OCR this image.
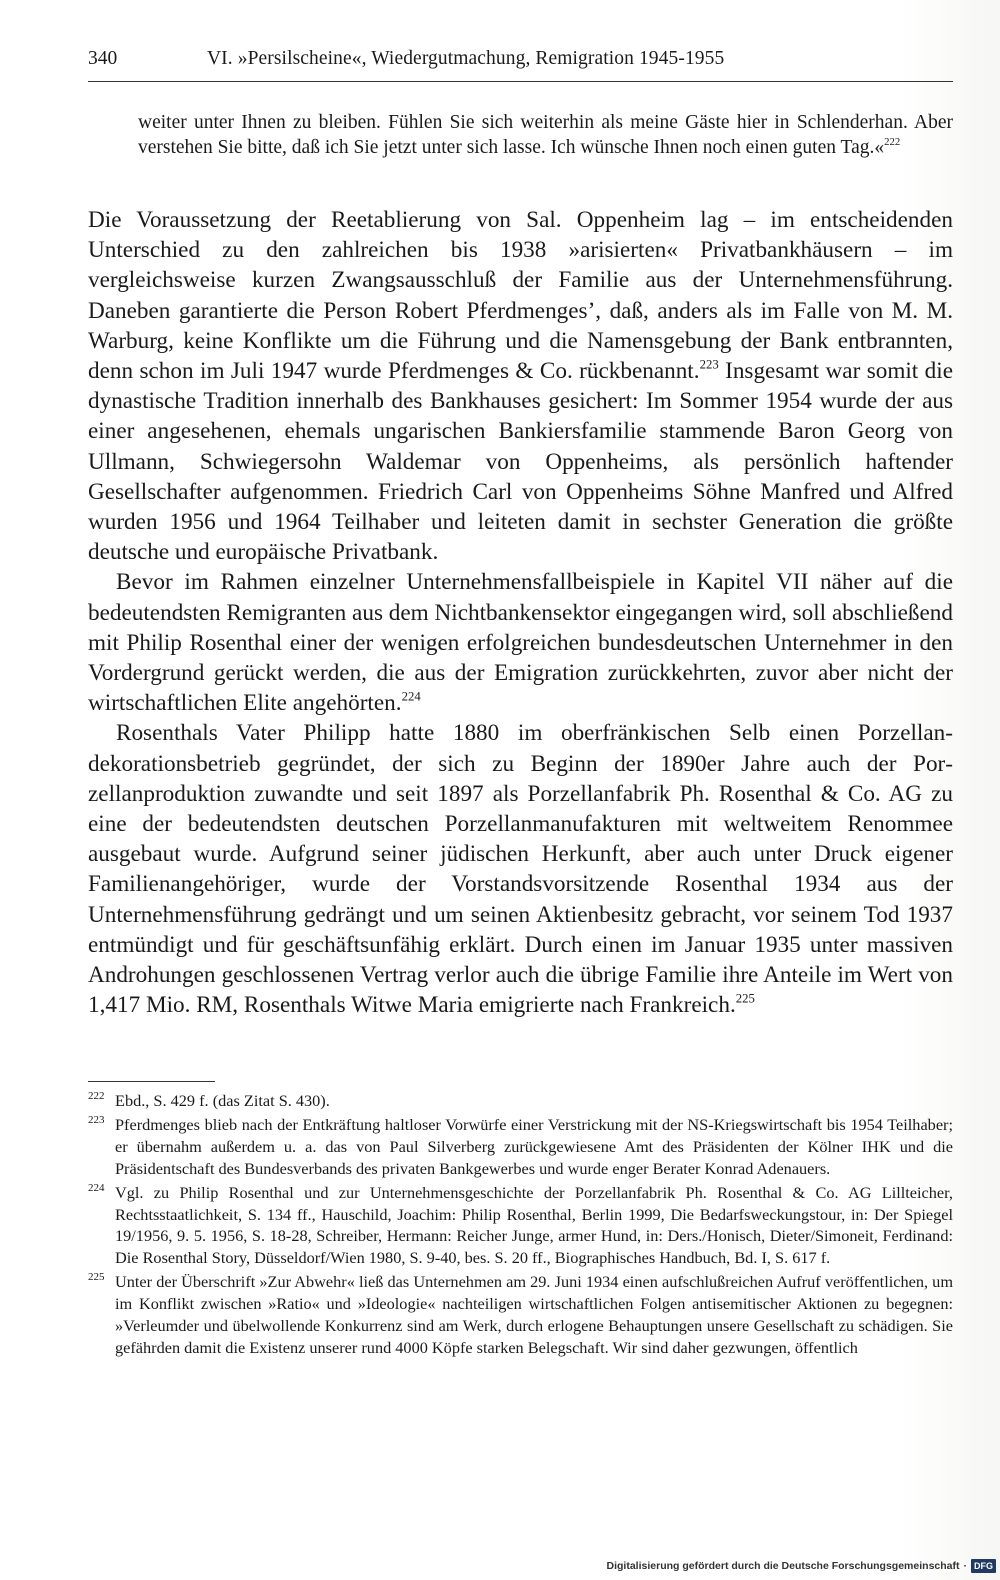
340	VI. »Persilscheine«, Wiedergutmachung, Remigration 1945-1955
weiter unter Ihnen zu bleiben. Fühlen Sie sich weiterhin als meine Gäste hier in Schlenderhan. Aber verstehen Sie bitte, daß ich Sie jetzt unter sich lasse. Ich wünsche Ihnen noch einen guten Tag.«$^{222}$

Die Voraussetzung der Reetablierung von Sal. Oppenheim lag – im entscheidenden Unterschied zu den zahlreichen bis 1938 »arisierten« Privatbankhäusern – im vergleichsweise kurzen Zwangsausschluß der Familie aus der Unternehmensführung. Daneben garantierte die Person Robert Pferdmenges’, daß, anders als im Falle von M. M. Warburg, keine Konflikte um die Führung und die Namensgebung der Bank entbrannten, denn schon im Juli 1947 wurde Pferdmenges & Co. rückbenannt.$^{223}$ Insgesamt war somit die dynastische Tradition innerhalb des Bankhauses gesichert: Im Sommer 1954 wurde der aus einer angesehenen, ehemals ungarischen Bankiersfamilie stammende Baron Georg von Ullmann, Schwiegersohn Waldemar von Oppenheims, als persönlich haftender Gesellschafter aufgenommen. Friedrich Carl von Oppenheims Söhne Manfred und Alfred wurden 1956 und 1964 Teilhaber und leiteten damit in sechster Generation die größte deutsche und europäische Privatbank.

Bevor im Rahmen einzelner Unternehmensfallbeispiele in Kapitel VII näher auf die bedeutendsten Remigranten aus dem Nichtbankensektor eingegangen wird, soll abschließend mit Philip Rosenthal einer der wenigen erfolgreichen bundesdeutschen Unternehmer in den Vordergrund gerückt werden, die aus der Emigration zurückkehrten, zuvor aber nicht der wirtschaftlichen Elite angehörten.$^{224}$

Rosenthals Vater Philipp hatte 1880 im oberfränkischen Selb einen Porzellandekorationsbetrieb gegründet, der sich zu Beginn der 1890er Jahre auch der Porzellanproduktion zuwandte und seit 1897 als Porzellanfabrik Ph. Rosenthal & Co. AG zu eine der bedeutendsten deutschen Porzellanmanufakturen mit weltweitem Renommee ausgebaut wurde. Aufgrund seiner jüdischen Herkunft, aber auch unter Druck eigener Familienangehöriger, wurde der Vorstandsvorsitzende Rosenthal 1934 aus der Unternehmensführung gedrängt und um seinen Aktienbesitz gebracht, vor seinem Tod 1937 entmündigt und für geschäftsunfähig erklärt. Durch einen im Januar 1935 unter massiven Androhungen geschlossenen Vertrag verlor auch die übrige Familie ihre Anteile im Wert von 1,417 Mio. RM, Rosenthals Witwe Maria emigrierte nach Frankreich.$^{225}$

222 Ebd., S. 429 f. (das Zitat S. 430).
223 Pferdmenges blieb nach der Entkräftung haltloser Vorwürfe einer Verstrickung mit der NS-Kriegswirtschaft bis 1954 Teilhaber; er übernahm außerdem u. a. das von Paul Silverberg zurückgewiesene Amt des Präsidenten der Kölner IHK und die Präsidentschaft des Bundesverbands des privaten Bankgewerbes und wurde enger Berater Konrad Adenauers.
224 Vgl. zu Philip Rosenthal und zur Unternehmensgeschichte der Porzellanfabrik Ph. Rosenthal & Co. AG Lillteicher, Rechtsstaatlichkeit, S. 134 ff., Hauschild, Joachim: Philip Rosenthal, Berlin 1999, Die Bedarfsweckungstour, in: Der Spiegel 19/1956, 9. 5. 1956, S. 18-28, Schreiber, Hermann: Reicher Junge, armer Hund, in: Ders./Honisch, Dieter/Simoneit, Ferdinand: Die Rosenthal Story, Düsseldorf/Wien 1980, S. 9-40, bes. S. 20 ff., Biographisches Handbuch, Bd. I, S. 617 f.
225 Unter der Überschrift »Zur Abwehr« ließ das Unternehmen am 29. Juni 1934 einen aufschlußreichen Aufruf veröffentlichen, um im Konflikt zwischen »Ratio« und »Ideologie« nachteiligen wirtschaftlichen Folgen antisemitischer Aktionen zu begegnen: »Verleumder und übelwollende Konkurrenz sind am Werk, durch erlogene Behauptungen unsere Gesellschaft zu schädigen. Sie gefährden damit die Existenz unserer rund 4000 Köpfe starken Belegschaft. Wir sind daher gezwungen, öffentlich
Digitalisierung gefördert durch die Deutsche Forschungsgemeinschaft · DFG
